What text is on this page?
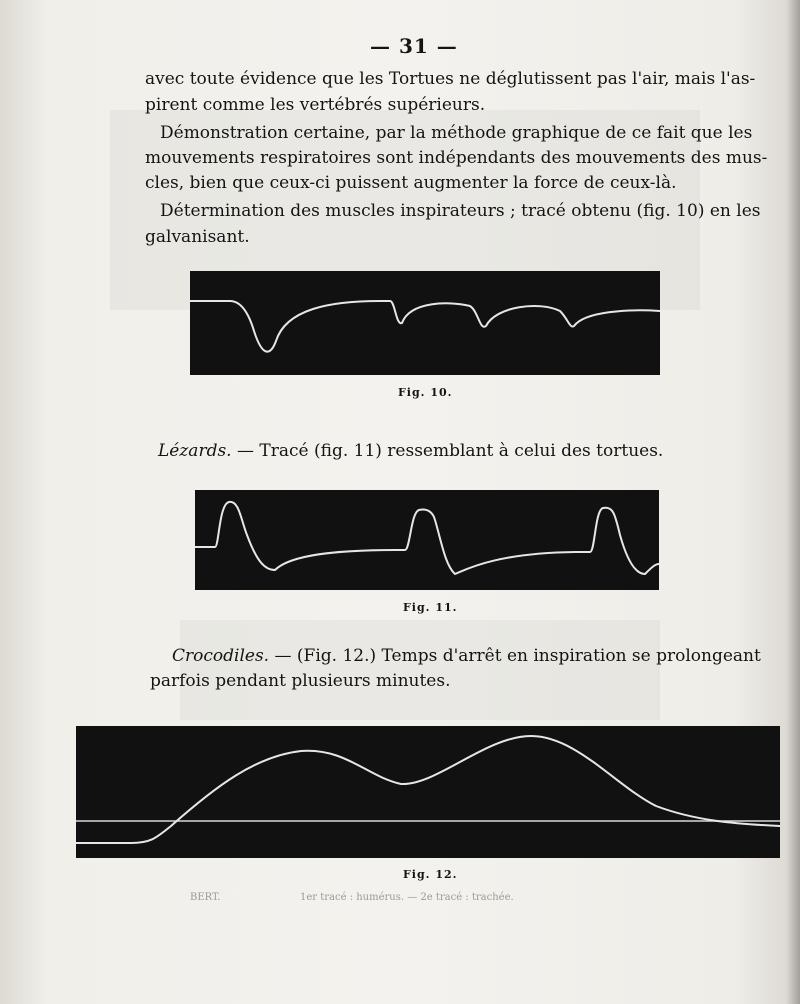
— 31 —
avec toute évidence que les Tortues ne déglutissent pas l'air, mais l'as-
pirent comme les vertébrés supérieurs.
Démonstration certaine, par la méthode graphique de ce fait que les
mouvements respiratoires sont indépendants des mouvements des mus-
cles, bien que ceux-ci puissent augmenter la force de ceux-là.
Détermination des muscles inspirateurs ; tracé obtenu (fig. 10) en les
galvanisant.
Fig. 10.
Lézards. — Tracé (fig. 11) ressemblant à celui des tortues.
Fig. 11.
Crocodiles. — (Fig. 12.) Temps d'arrêt en inspiration se prolongeant
parfois pendant plusieurs minutes.
Fig. 12.
BERT.	1er tracé : humérus. — 2e tracé : trachée.
